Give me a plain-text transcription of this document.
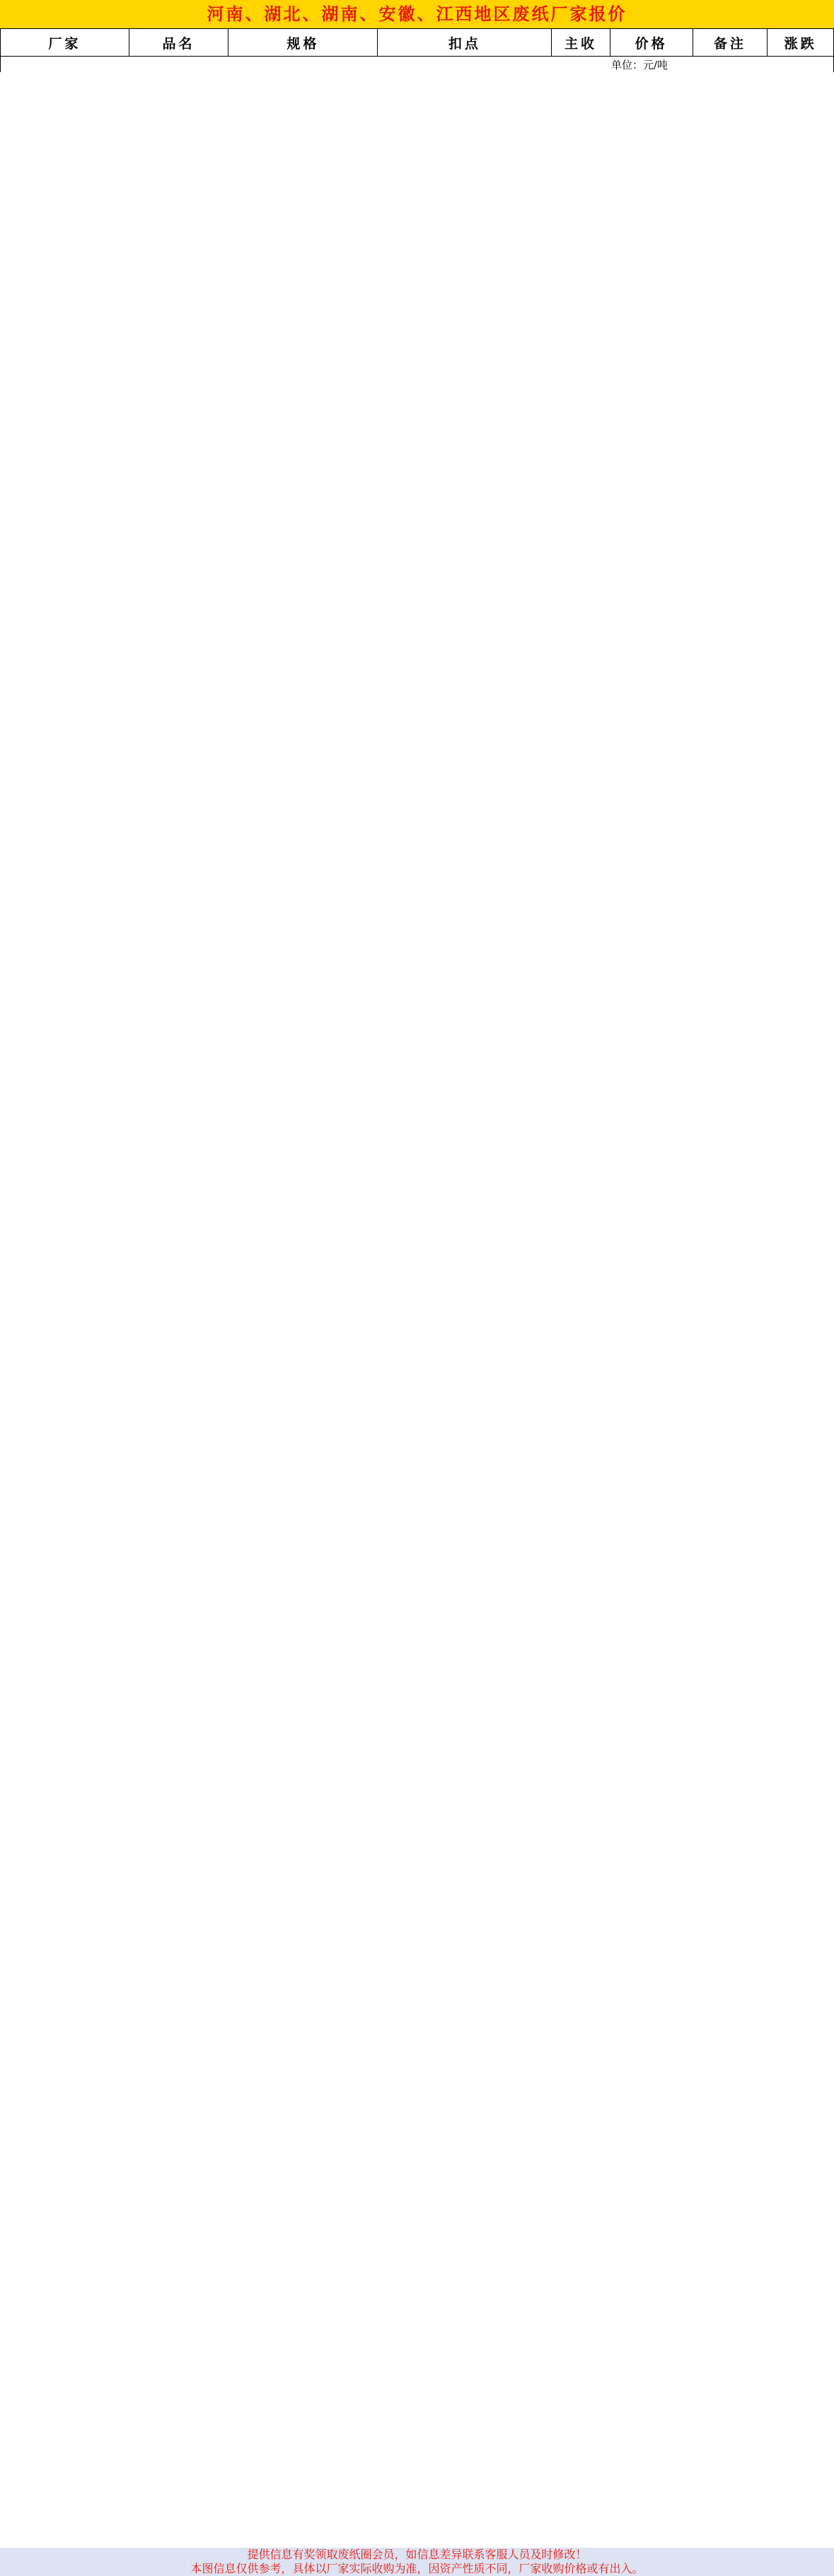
河南、湖北、湖南、安徽、江西地区废纸厂家报价
厂家	品名	规格	扣点	主收	价格	备注	涨跌
					单位：元/吨		
提供信息有奖领取废纸圈会员，如信息差异联系客服人员及时修改！
本图信息仅供参考，具体以厂家实际收购为准，因资产性质不同，厂家收购价格或有出入。
